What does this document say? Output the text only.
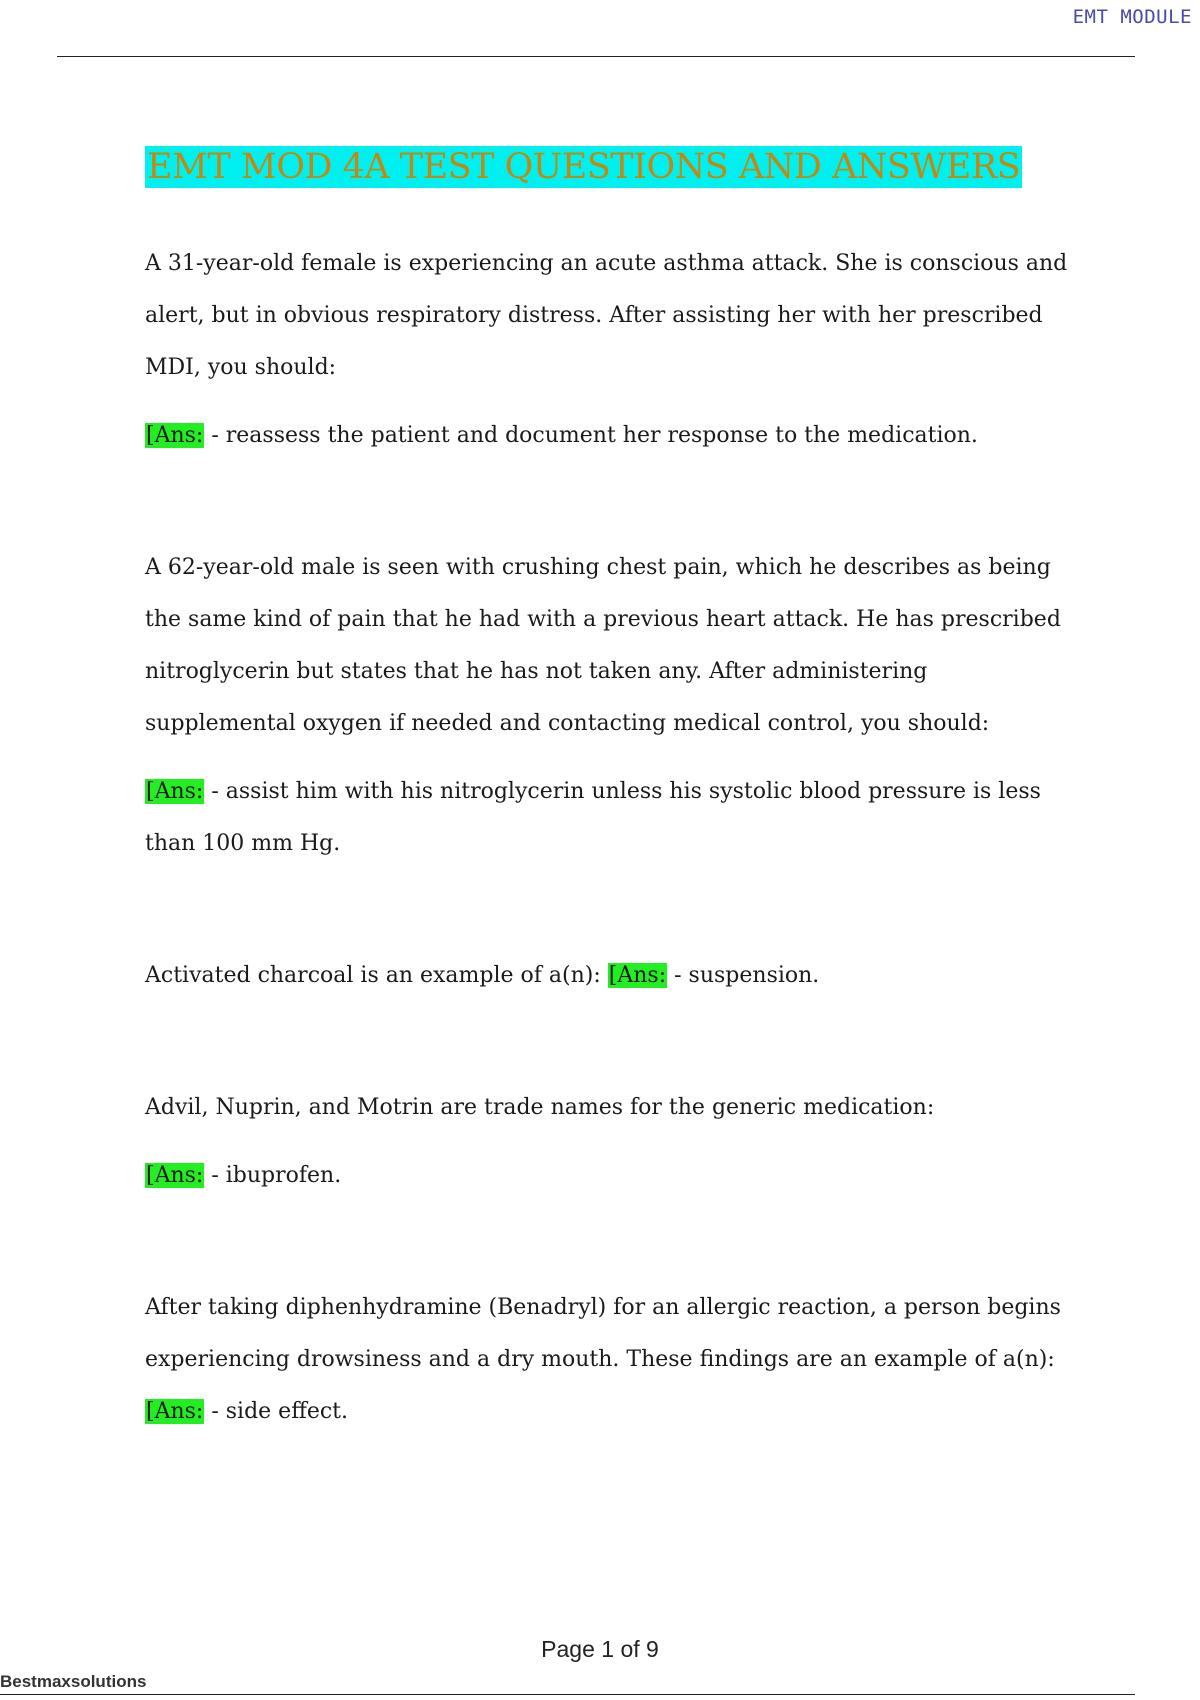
EMT MODULE
EMT MOD 4A TEST QUESTIONS AND ANSWERS

A 31-year-old female is experiencing an acute asthma attack. She is conscious and alert, but in obvious respiratory distress. After assisting her with her prescribed MDI, you should:

[Ans: - reassess the patient and document her response to the medication.

A 62-year-old male is seen with crushing chest pain, which he describes as being the same kind of pain that he had with a previous heart attack. He has prescribed nitroglycerin but states that he has not taken any. After administering supplemental oxygen if needed and contacting medical control, you should:

[Ans: - assist him with his nitroglycerin unless his systolic blood pressure is less than 100 mm Hg.

Activated charcoal is an example of a(n): [Ans: - suspension.

Advil, Nuprin, and Motrin are trade names for the generic medication:

[Ans: - ibuprofen.

After taking diphenhydramine (Benadryl) for an allergic reaction, a person begins experiencing drowsiness and a dry mouth. These findings are an example of a(n):
[Ans: - side effect.

Page 1 of 9
Bestmaxsolutions
